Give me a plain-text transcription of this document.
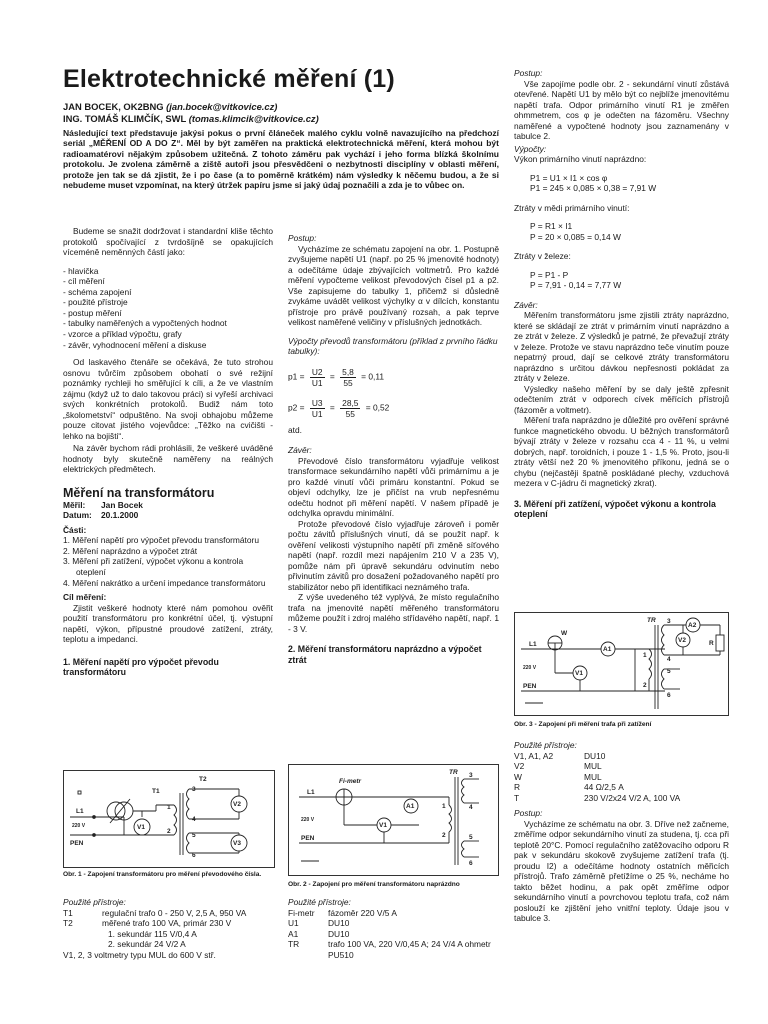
Elektrotechnické měření (1)
JAN BOCEK, OK2BNG (jan.bocek@vitkovice.cz)
ING. TOMÁŠ KLIMČÍK, SWL (tomas.klimcik@vitkovice.cz)

Následující text představuje jakýsi pokus o první článeček malého cyklu volně navazujícího na předchozí seriál „MĚŘENÍ OD A DO Z“. Měl by být zaměřen na praktická elektrotechnická měření, která mohou být radioamatérovi nějakým způsobem užitečná. Z tohoto záměru pak vychází i jeho forma blízká školnímu protokolu. Je zvolena záměrně a ziště autoři jsou přesvědčeni o nezbytnosti disciplíny v oblasti měření, protože jen tak se dá zjistit, že i po čase (a to poměrně krátkém) nám výsledky k něčemu budou, a že si nebudeme muset vzpomínat, na který útržek papíru jsme si jaký údaj poznačili a zda je to vůbec on.

Budeme se snažit dodržovat i standardní kliše těchto protokolů spočívající z tvrdošíjně se opakujících víceméně neměnných částí jako:

- hlavička
- cíl měření
- schéma zapojení
- použité přístroje
- postup měření
- tabulky naměřených a vypočtených hodnot
- vzorce a příklad výpočtu, grafy
- závěr, vyhodnocení měření a diskuse

Od laskavého čtenáře se očekává, že tuto strohou osnovu tvůrčím způsobem obohatí o své režijní poznámky rychleji ho směřující k cíli, a že ve vlastním zájmu (když už to dalo takovou práci) si vyřeší archivaci svých konkrétních protokolů. Budiž nám toto „školometství“ odpuštěno. Na svoji obhajobu můžeme pouze citovat jistého vojevůdce: „Těžko na cvičišti - lehko na bojišti“.

Na závěr bychom rádi prohlásili, že veškeré uváděné hodnoty byly skutečně naměřeny na reálných elektrických předmětech.

Měření na transformátoru
Měřil: Jan Bocek
Datum: 20.1.2000
Části:
1. Měření napětí pro výpočet převodu transformátoru
2. Měření naprázdno a výpočet ztrát
3. Měření při zatížení, výpočet výkonu a kontrola oteplení
4. Měření nakrátko a určení impedance transformátoru
Cíl měření:

Zjistit veškeré hodnoty které nám pomohou ověřit použití transformátoru pro konkrétní účel, tj. výstupní napětí, výkon, přípustné proudové zatížení, ztráty, teplotu a impedanci.

1. Měření napětí pro výpočet převodu transformátoru
T1
T2
L1
220 V
PEN
V1
V2
V3
1
2
3
4
5
6
Obr. 1 - Zapojení transformátoru pro měření převodového čísla.
Použité přístroje:
T1	regulační trafo 0 - 250 V, 2,5 A, 950 VA
T2	měřené trafo 100 VA, primár 230 V
1. sekundár 115 V/0,4 A
2. sekundár 24 V/2 A
V1, 2, 3 voltmetry typu MUL do 600 V stř.
Postup:

Vycházíme ze schématu zapojení na obr. 1. Postupně zvyšujeme napětí U1 (např. po 25 % jmenovité hodnoty) a odečítáme údaje zbývajících voltmetrů. Pro každé měření vypočteme velikost převodových čísel p1 a p2. Vše zapisujeme do tabulky 1, přičemž si důsledně zvykáme uvádět velikost výchylky α v dílcích, konstantu přístroje pro právě používaný rozsah, a pak teprve velikost naměřené veličiny v příslušných jednotkách.

Výpočty převodů transformátoru (příklad z prvního řádku tabulky):
$p1 = \frac{U2}{U1} = \frac{5,8}{55} = 0,11$
$p2 = \frac{U3}{U1} = \frac{28,5}{55} = 0,52$
atd.
Závěr:

Převodové číslo transformátoru vyjadřuje velikost transformace sekundárního napětí vůči primárnímu a je pro každé vinutí vůči primáru konstantní. Pokud se objeví odchylky, lze je přičíst na vrub nepřesnému odečtu hodnot při měření napětí. V našem případě je odchylka opravdu minimální.

Protože převodové číslo vyjadřuje zároveň i poměr počtu závitů příslušných vinutí, dá se použít např. k ověření velikosti výstupního napětí při změně síťového napětí (např. rozdíl mezi napájením 210 V a 235 V), pomůže nám při úpravě sekundáru odvinutím nebo přivinutím závitů pro dosažení požadovaného napětí pro stabilizátor nebo při identifikaci neznámého trafa.

Z výše uvedeného též vyplývá, že místo regulačního trafa na jmenovité napětí měřeného transformátoru můžeme použít i zdroj malého střídavého napětí, např. 1 - 3 V.

2. Měření transformátoru naprázdno a výpočet ztrát
Fi-metr
TR
L1
220 V
PEN
A1
V1
1
2
3
4
5
6
Obr. 2 - Zapojení pro měření transformátoru naprázdno
Použité přístroje:
Fi-metr	fázoměr 220 V/5 A
U1	DU10
A1	DU10
TR	trafo 100 VA, 220 V/0,45 A; 24 V/4 A ohmetr PU510
Postup:

Vše zapojíme podle obr. 2 - sekundární vinutí zůstává otevřené. Napětí U1 by mělo být co nejblíže jmenovitému napětí trafa. Odpor primárního vinutí R1 je změřen ohmmetrem, cos φ je odečten na fázoměru. Všechny naměřené a vypočtené hodnoty jsou zaznamenány v tabulce 2.

Výpočty:
Výkon primárního vinutí naprázdno:
P1 = U1 × I1 × cos φ
P1 = 245 × 0,085 × 0,38 = 7,91 W
Ztráty v mědi primárního vinutí:
P = R1 × I1
P = 20 × 0,085 = 0,14 W
Ztráty v železe:
P = P1 - P
P = 7,91 - 0,14 = 7,77 W
Závěr:

Měřením transformátoru jsme zjistili ztráty naprázdno, které se skládají ze ztrát v primárním vinutí naprázdno a ze ztrát v železe. Z výsledků je patrné, že převažují ztráty v železe. Protože ve stavu naprázdno teče vinutím pouze nepatrný proud, dají se celkové ztráty transformátoru naprázdno s určitou dávkou nepřesnosti pokládat za ztráty v železe.

Výsledky našeho měření by se daly ještě zpřesnit odečtením ztrát v odporech cívek měřících přístrojů (fázoměr a voltmetr).

Měření trafa naprázdno je důležité pro ověření správné funkce magnetického obvodu. U běžných transformátorů bývají ztráty v železe v rozsahu cca 4 - 11 %, u velmi dobrých, např. toroidních, i pouze 1 - 1,5 %. Proto, jsou-li ztráty větší než 20 % jmenovitého příkonu, jedná se o chybu (nejčastěji špatně poskládané plechy, vzduchová mezera v C-jádru či magnetický zkrat).

3. Měření při zatížení, výpočet výkonu a kontrola oteplení
TR
W
L1
220 V
PEN
A1
A2
V1
V2	R
1
2
3
4
5
6
Obr. 3 - Zapojení při měření trafa při zatížení
Použité přístroje:
V1, A1, A2	DU10
V2	MUL
W	MUL
R	44 Ω/2,5 A
T	230 V/2x24 V/2 A, 100 VA
Postup:

Vycházíme ze schématu na obr. 3. Dříve než začneme, změříme odpor sekundárního vinutí za studena, tj. cca při teplotě 20°C. Pomocí regulačního zatěžovacího odporu R pak v sekundáru skokově zvyšujeme zatížení trafa (tj. proudu I2) a odečítáme hodnoty ostatních měřicích přístrojů. Trafo záměrně přetížíme o 25 %, necháme ho takto běžet hodinu, a pak opět změříme odpor sekundárního vinutí a povrchovou teplotu trafa, což nám poslouží ke zjištění jeho vnitřní teploty. Údaje jsou v tabulce 3.
